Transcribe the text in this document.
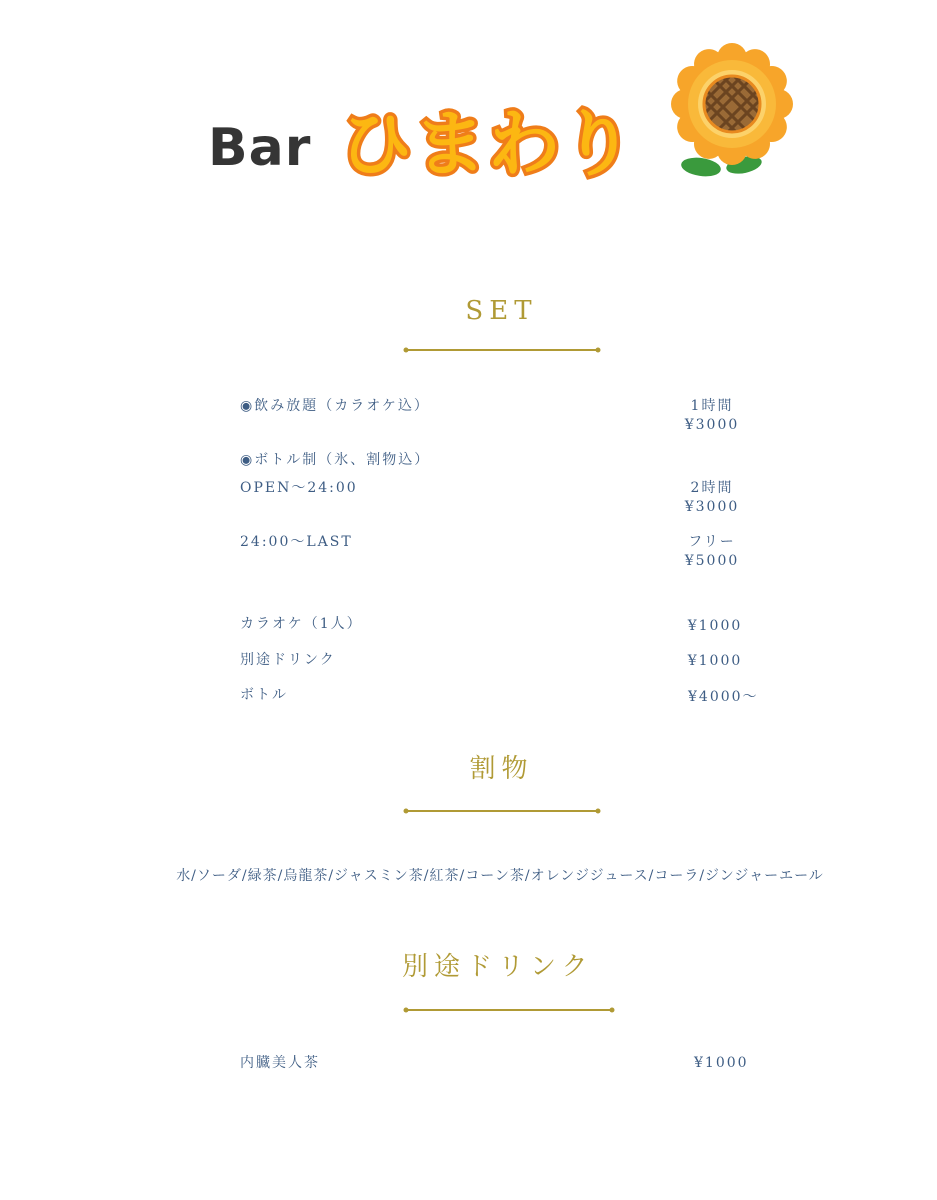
Bar ひまわり
SET
◉飲み放題（カラオケ込）	1時間
¥3000
◉ボトル制（氷、割物込）
OPEN～24:00	2時間
¥3000
24:00～LAST	フリー
¥5000
カラオケ（1人）	¥1000
別途ドリンク	¥1000
ボトル	¥4000～
割物
水/ソーダ/緑茶/烏龍茶/ジャスミン茶/紅茶/コーン茶/オレンジジュース/コーラ/ジンジャーエール
別途ドリンク
内臓美人茶	¥1000
